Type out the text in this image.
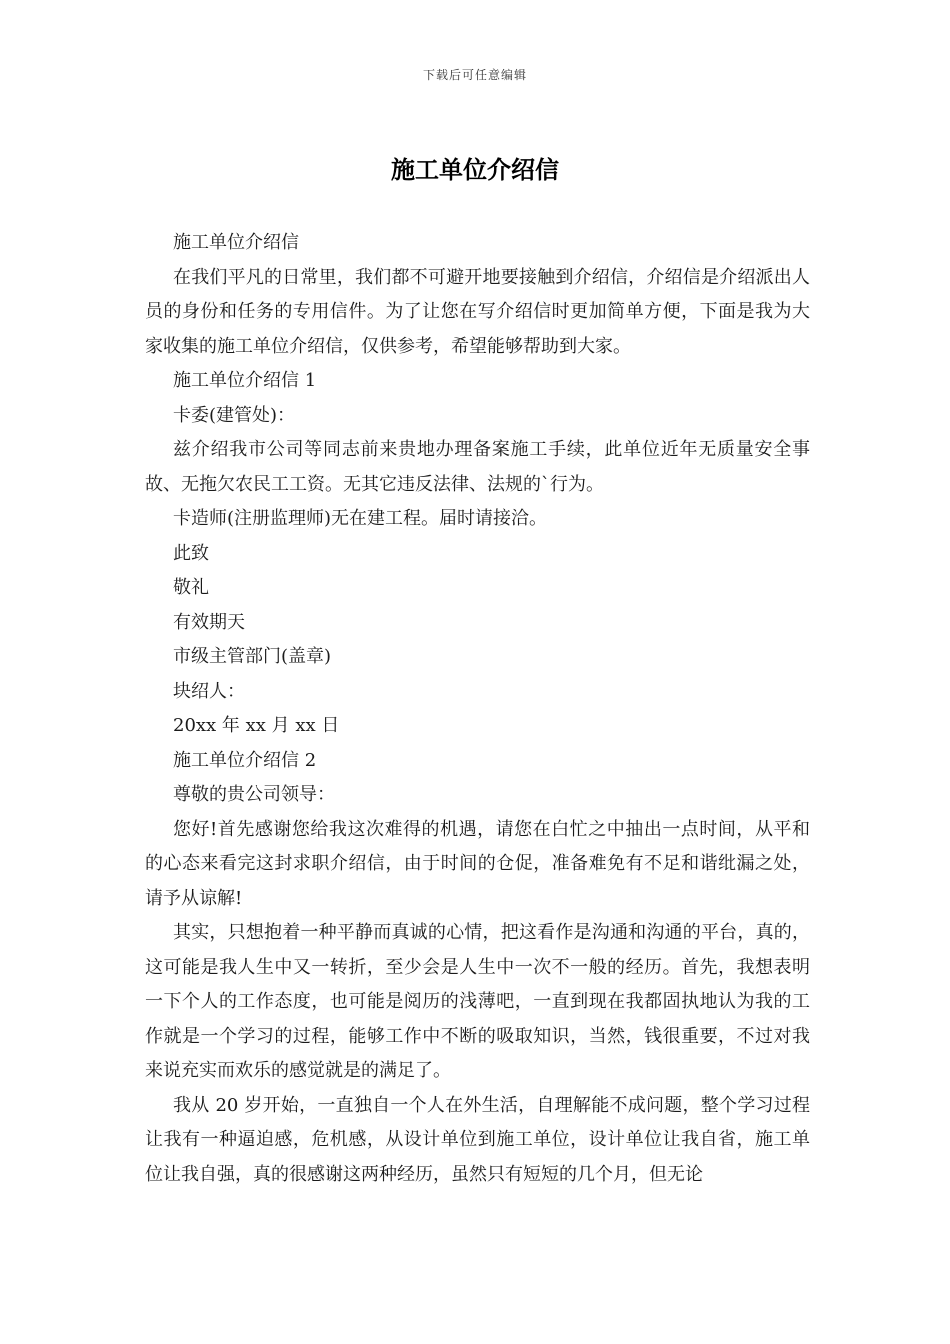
下载后可任意编辑
施工单位介绍信

施工单位介绍信

在我们平凡的日常里，我们都不可避开地要接触到介绍信，介绍信是介绍派出人员的身份和任务的专用信件。为了让您在写介绍信时更加简单方便，下面是我为大家收集的施工单位介绍信，仅供参考，希望能够帮助到大家。

施工单位介绍信 1

卡委(建管处)：

兹介绍我市公司等同志前来贵地办理备案施工手续，此单位近年无质量安全事故、无拖欠农民工工资。无其它违反法律、法规的`行为。

卡造师(注册监理师)无在建工程。届时请接洽。

此致

敬礼

有效期天

市级主管部门(盖章)

块绍人：

20xx 年 xx 月 xx 日

施工单位介绍信 2

尊敬的贵公司领导：

您好!首先感谢您给我这次难得的机遇，请您在白忙之中抽出一点时间，从平和的心态来看完这封求职介绍信，由于时间的仓促，准备难免有不足和谐纰漏之处，请予从谅解!

其实，只想抱着一种平静而真诚的心情，把这看作是沟通和沟通的平台，真的，这可能是我人生中又一转折，至少会是人生中一次不一般的经历。首先，我想表明一下个人的工作态度，也可能是阅历的浅薄吧，一直到现在我都固执地认为我的工作就是一个学习的过程，能够工作中不断的吸取知识，当然，钱很重要，不过对我来说充实而欢乐的感觉就是的满足了。

我从 20 岁开始，一直独自一个人在外生活，自理解能不成问题，整个学习过程让我有一种逼迫感，危机感，从设计单位到施工单位，设计单位让我自省，施工单位让我自强，真的很感谢这两种经历，虽然只有短短的几个月，但无论
